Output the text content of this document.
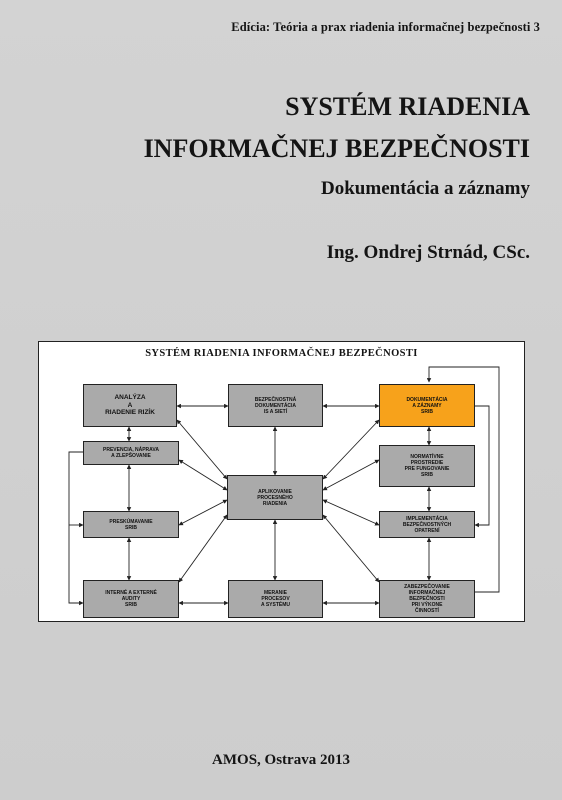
Edícia: Teória a prax riadenia informačnej bezpečnosti 3
SYSTÉM RIADENIA
INFORMAČNEJ BEZPEČNOSTI
Dokumentácia a záznamy
Ing. Ondrej Strnád, CSc.
SYSTÉM RIADENIA INFORMAČNEJ BEZPEČNOSTI
ANALÝZA
A
RIADENIE RIZÍK
BEZPEČNOSTNÁ
DOKUMENTÁCIA
IS A SIETÍ
DOKUMENTÁCIA
A ZÁZNAMY
SRIB
PREVENCIA, NÁPRAVA
A ZLEPŠOVANIE	NORMATÍVNE
PROSTREDIE
PRE FUNGOVANIE
SRIB
APLIKOVANIE
PROCESNÉHO
RIADENIA
PRESKÚMAVANIE
SRIB
IMPLEMENTÁCIA
BEZPEČNOSTNÝCH
OPATRENÍ
INTERNÉ A EXTERNÉ
AUDITY
SRIB
MERANIE
PROCESOV
A SYSTÉMU
ZABEZPEČOVANIE
INFORMAČNEJ
BEZPEČNOSTI
PRI VÝKONE
ČINNOSTÍ
AMOS, Ostrava 2013
